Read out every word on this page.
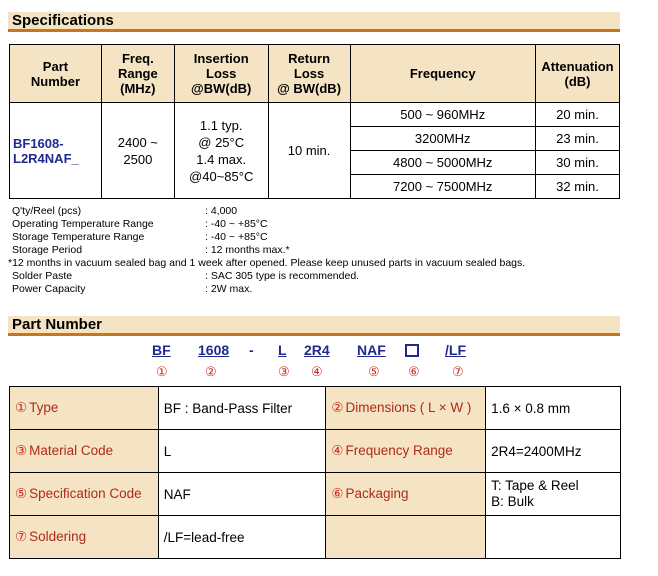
Specifications
Part
Number	Freq.
Range
(MHz)	Insertion
Loss
@BW(dB)	Return
Loss
@ BW(dB)	Frequency	Attenuation
(dB)
BF1608-
L2R4NAF_	2400 ~
2500	1.1 typ.
@ 25°C
1.4 max.
@40~85°C	10 min.	500 ~ 960MHz	20 min.
				3200MHz	23 min.
				4800 ~ 5000MHz	30 min.
				7200 ~ 7500MHz	32 min.
Q'ty/Reel (pcs)	: 4,000
Operating Temperature Range	: -40 ~ +85°C
Storage Temperature Range	: -40 ~ +85°C
Storage Period	: 12 months max.*
*12 months in vacuum sealed bag and 1 week after opened. Please keep unused parts in vacuum sealed bags.
Solder Paste	: SAC 305 type is recommended.
Power Capacity	: 2W max.
Part Number
BF 1608 - L 2R4 NAF	/LF
①	②	③ ④	⑤ ⑥ ⑦
① Type	BF : Band-Pass Filter	② Dimensions ( L × W )	1.6 × 0.8 mm
③ Material Code	L	④ Frequency Range	2R4=2400MHz
⑤ Specification Code	NAF	⑥ Packaging	T: Tape & Reel
B: Bulk
⑦ Soldering	/LF=lead-free		
